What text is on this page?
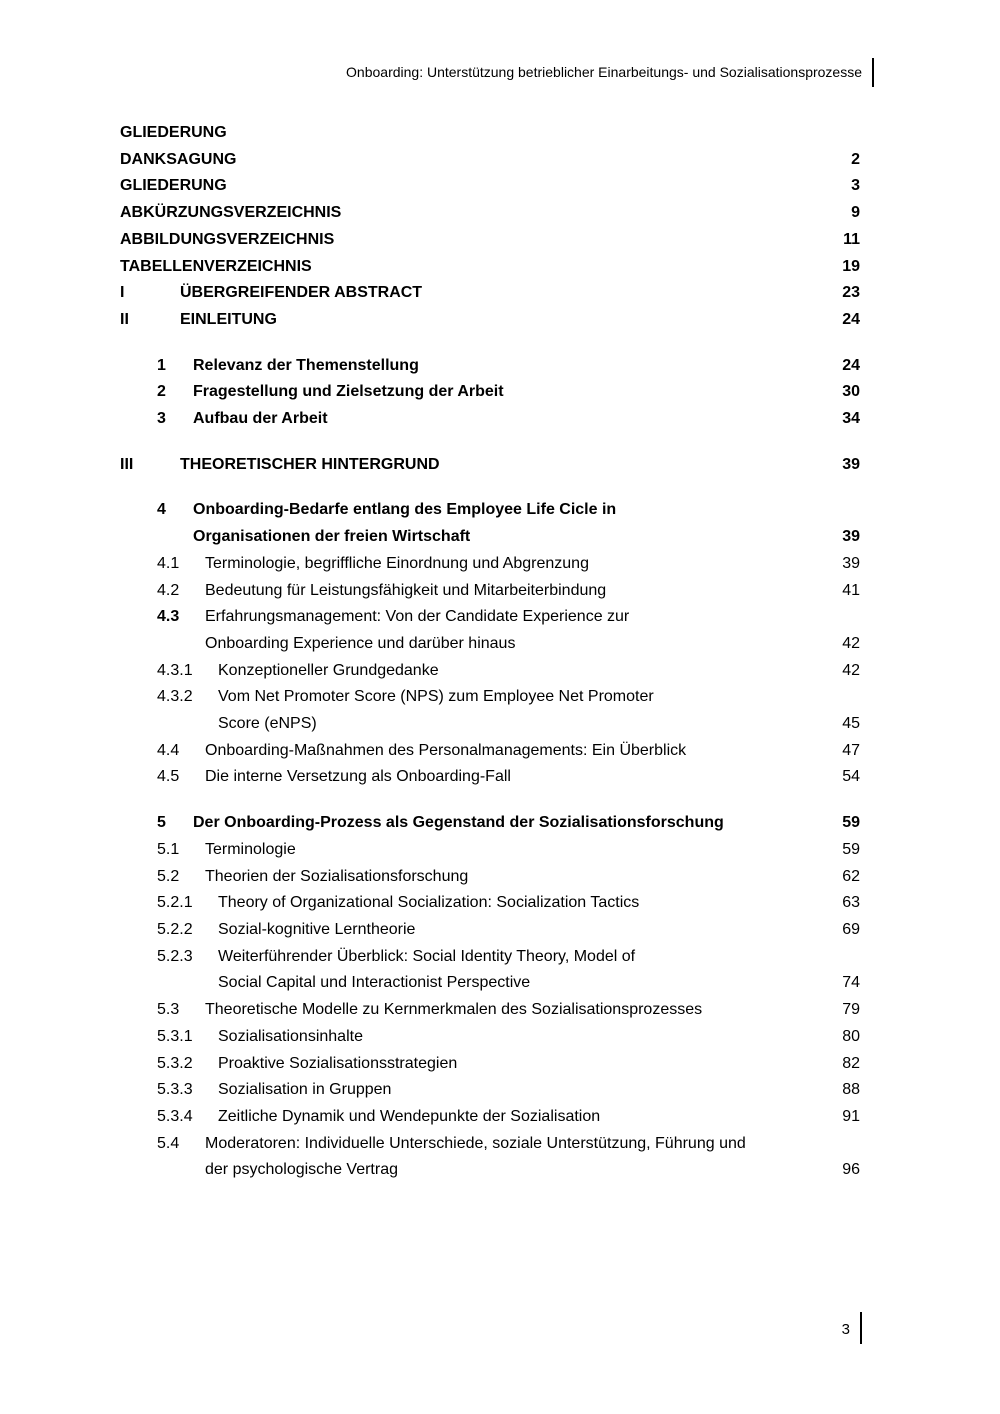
Onboarding: Unterstützung betrieblicher Einarbeitungs- und Sozialisationsprozesse
GLIEDERUNG
DANKSAGUNG	2
GLIEDERUNG	3
ABKÜRZUNGSVERZEICHNIS	9
ABBILDUNGSVERZEICHNIS	11
TABELLENVERZEICHNIS	19
I	ÜBERGREIFENDER ABSTRACT	23
II	EINLEITUNG	24
1	Relevanz der Themenstellung	24
2	Fragestellung und Zielsetzung der Arbeit	30
3	Aufbau der Arbeit	34
III	THEORETISCHER HINTERGRUND	39
4	Onboarding-Bedarfe entlang des Employee Life Cicle in
Organisationen der freien Wirtschaft	39
4.1	Terminologie, begriffliche Einordnung und Abgrenzung	39
4.2	Bedeutung für Leistungsfähigkeit und Mitarbeiterbindung	41
4.3	Erfahrungsmanagement: Von der Candidate Experience zur
Onboarding Experience und darüber hinaus	42
4.3.1	Konzeptioneller Grundgedanke	42
4.3.2	Vom Net Promoter Score (NPS) zum Employee Net Promoter
Score (eNPS)	45
4.4	Onboarding-Maßnahmen des Personalmanagements: Ein Überblick	47
4.5	Die interne Versetzung als Onboarding-Fall	54
5	Der Onboarding-Prozess als Gegenstand der Sozialisationsforschung	59
5.1	Terminologie	59
5.2	Theorien der Sozialisationsforschung	62
5.2.1	Theory of Organizational Socialization: Socialization Tactics	63
5.2.2	Sozial-kognitive Lerntheorie	69
5.2.3	Weiterführender Überblick: Social Identity Theory, Model of
Social Capital und Interactionist Perspective	74
5.3	Theoretische Modelle zu Kernmerkmalen des Sozialisationsprozesses	79
5.3.1	Sozialisationsinhalte	80
5.3.2	Proaktive Sozialisationsstrategien	82
5.3.3	Sozialisation in Gruppen	88
5.3.4	Zeitliche Dynamik und Wendepunkte der Sozialisation	91
5.4	Moderatoren: Individuelle Unterschiede, soziale Unterstützung, Führung und
der psychologische Vertrag	96
3
